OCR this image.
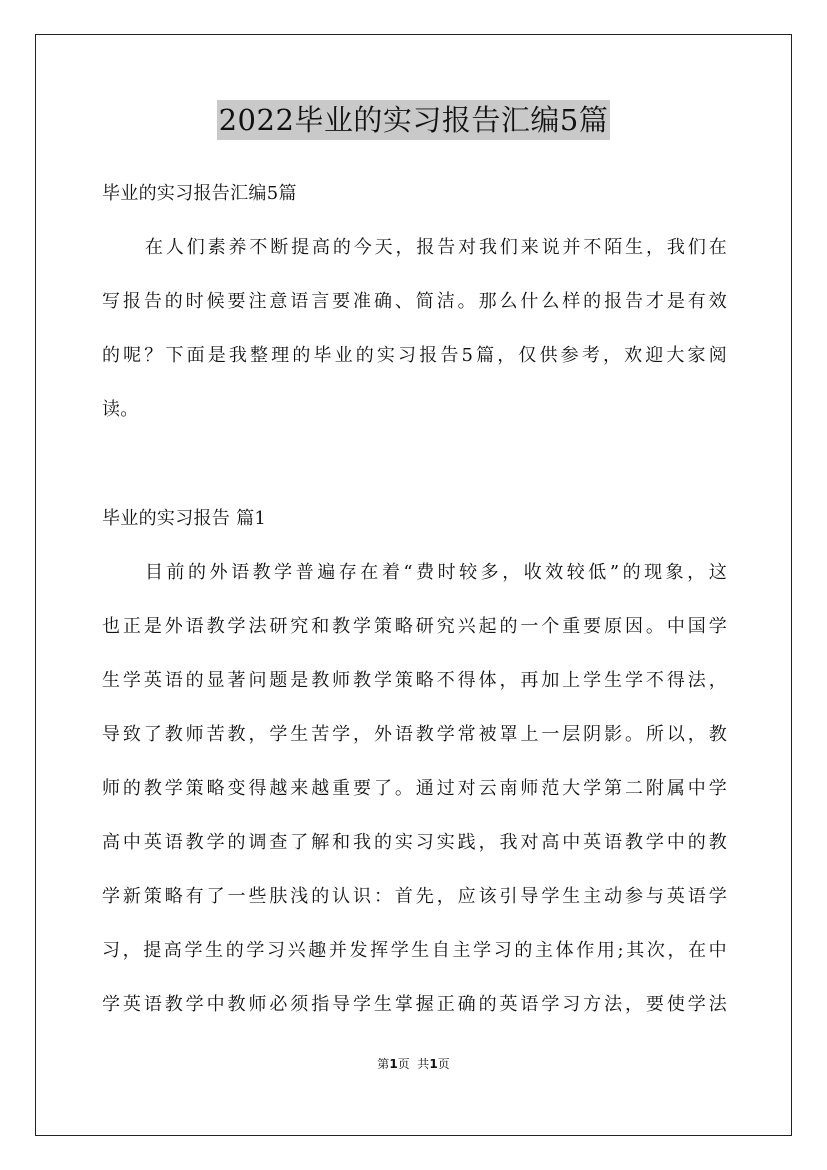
2022毕业的实习报告汇编5篇
毕业的实习报告汇编5篇
在人们素养不断提高的今天，报告对我们来说并不陌生，我们在
写报告的时候要注意语言要准确、简洁。那么什么样的报告才是有效
的呢？下面是我整理的毕业的实习报告5篇，仅供参考，欢迎大家阅
读。
毕业的实习报告 篇1
目前的外语教学普遍存在着“费时较多，收效较低”的现象，这
也正是外语教学法研究和教学策略研究兴起的一个重要原因。中国学
生学英语的显著问题是教师教学策略不得体，再加上学生学不得法，
导致了教师苦教，学生苦学，外语教学常被罩上一层阴影。所以，教
师的教学策略变得越来越重要了。通过对云南师范大学第二附属中学
高中英语教学的调查了解和我的实习实践，我对高中英语教学中的教
学新策略有了一些肤浅的认识：首先，应该引导学生主动参与英语学
习，提高学生的学习兴趣并发挥学生自主学习的主体作用;其次，在中
学英语教学中教师必须指导学生掌握正确的英语学习方法，要使学法
第1页  共1页
